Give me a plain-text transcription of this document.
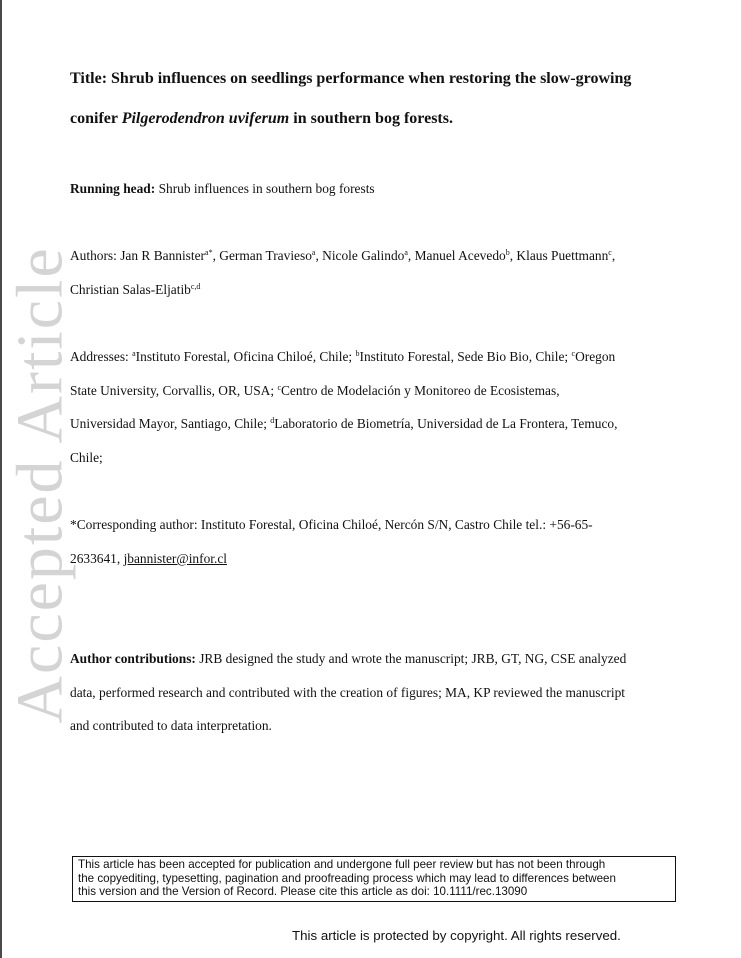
Accepted Article
Title: Shrub influences on seedlings performance when restoring the slow-growing
conifer Pilgerodendron uviferum in southern bog forests.
Running head: Shrub influences in southern bog forests
Authors: Jan R Bannister$^{a*}$, German Travieso$^a$, Nicole Galindo$^a$, Manuel Acevedo$^b$, Klaus Puettmann$^c$,
Christian Salas-Eljatib$^{c,d}$
Addresses: $^a$Instituto Forestal, Oficina Chiloé, Chile; $^b$Instituto Forestal, Sede Bio Bio, Chile; $^c$Oregon
State University, Corvallis, OR, USA; $^c$Centro de Modelación y Monitoreo de Ecosistemas,
Universidad Mayor, Santiago, Chile; $^d$Laboratorio de Biometría, Universidad de La Frontera, Temuco,
Chile;
*Corresponding author: Instituto Forestal, Oficina Chiloé, Nercón S/N, Castro Chile tel.: +56-65-
2633641, jbannister@infor.cl
Author contributions: JRB designed the study and wrote the manuscript; JRB, GT, NG, CSE analyzed
data, performed research and contributed with the creation of figures; MA, KP reviewed the manuscript
and contributed to data interpretation.
This article has been accepted for publication and undergone full peer review but has not been through
the copyediting, typesetting, pagination and proofreading process which may lead to differences between
this version and the Version of Record. Please cite this article as doi: 10.1111/rec.13090
This article is protected by copyright. All rights reserved.
